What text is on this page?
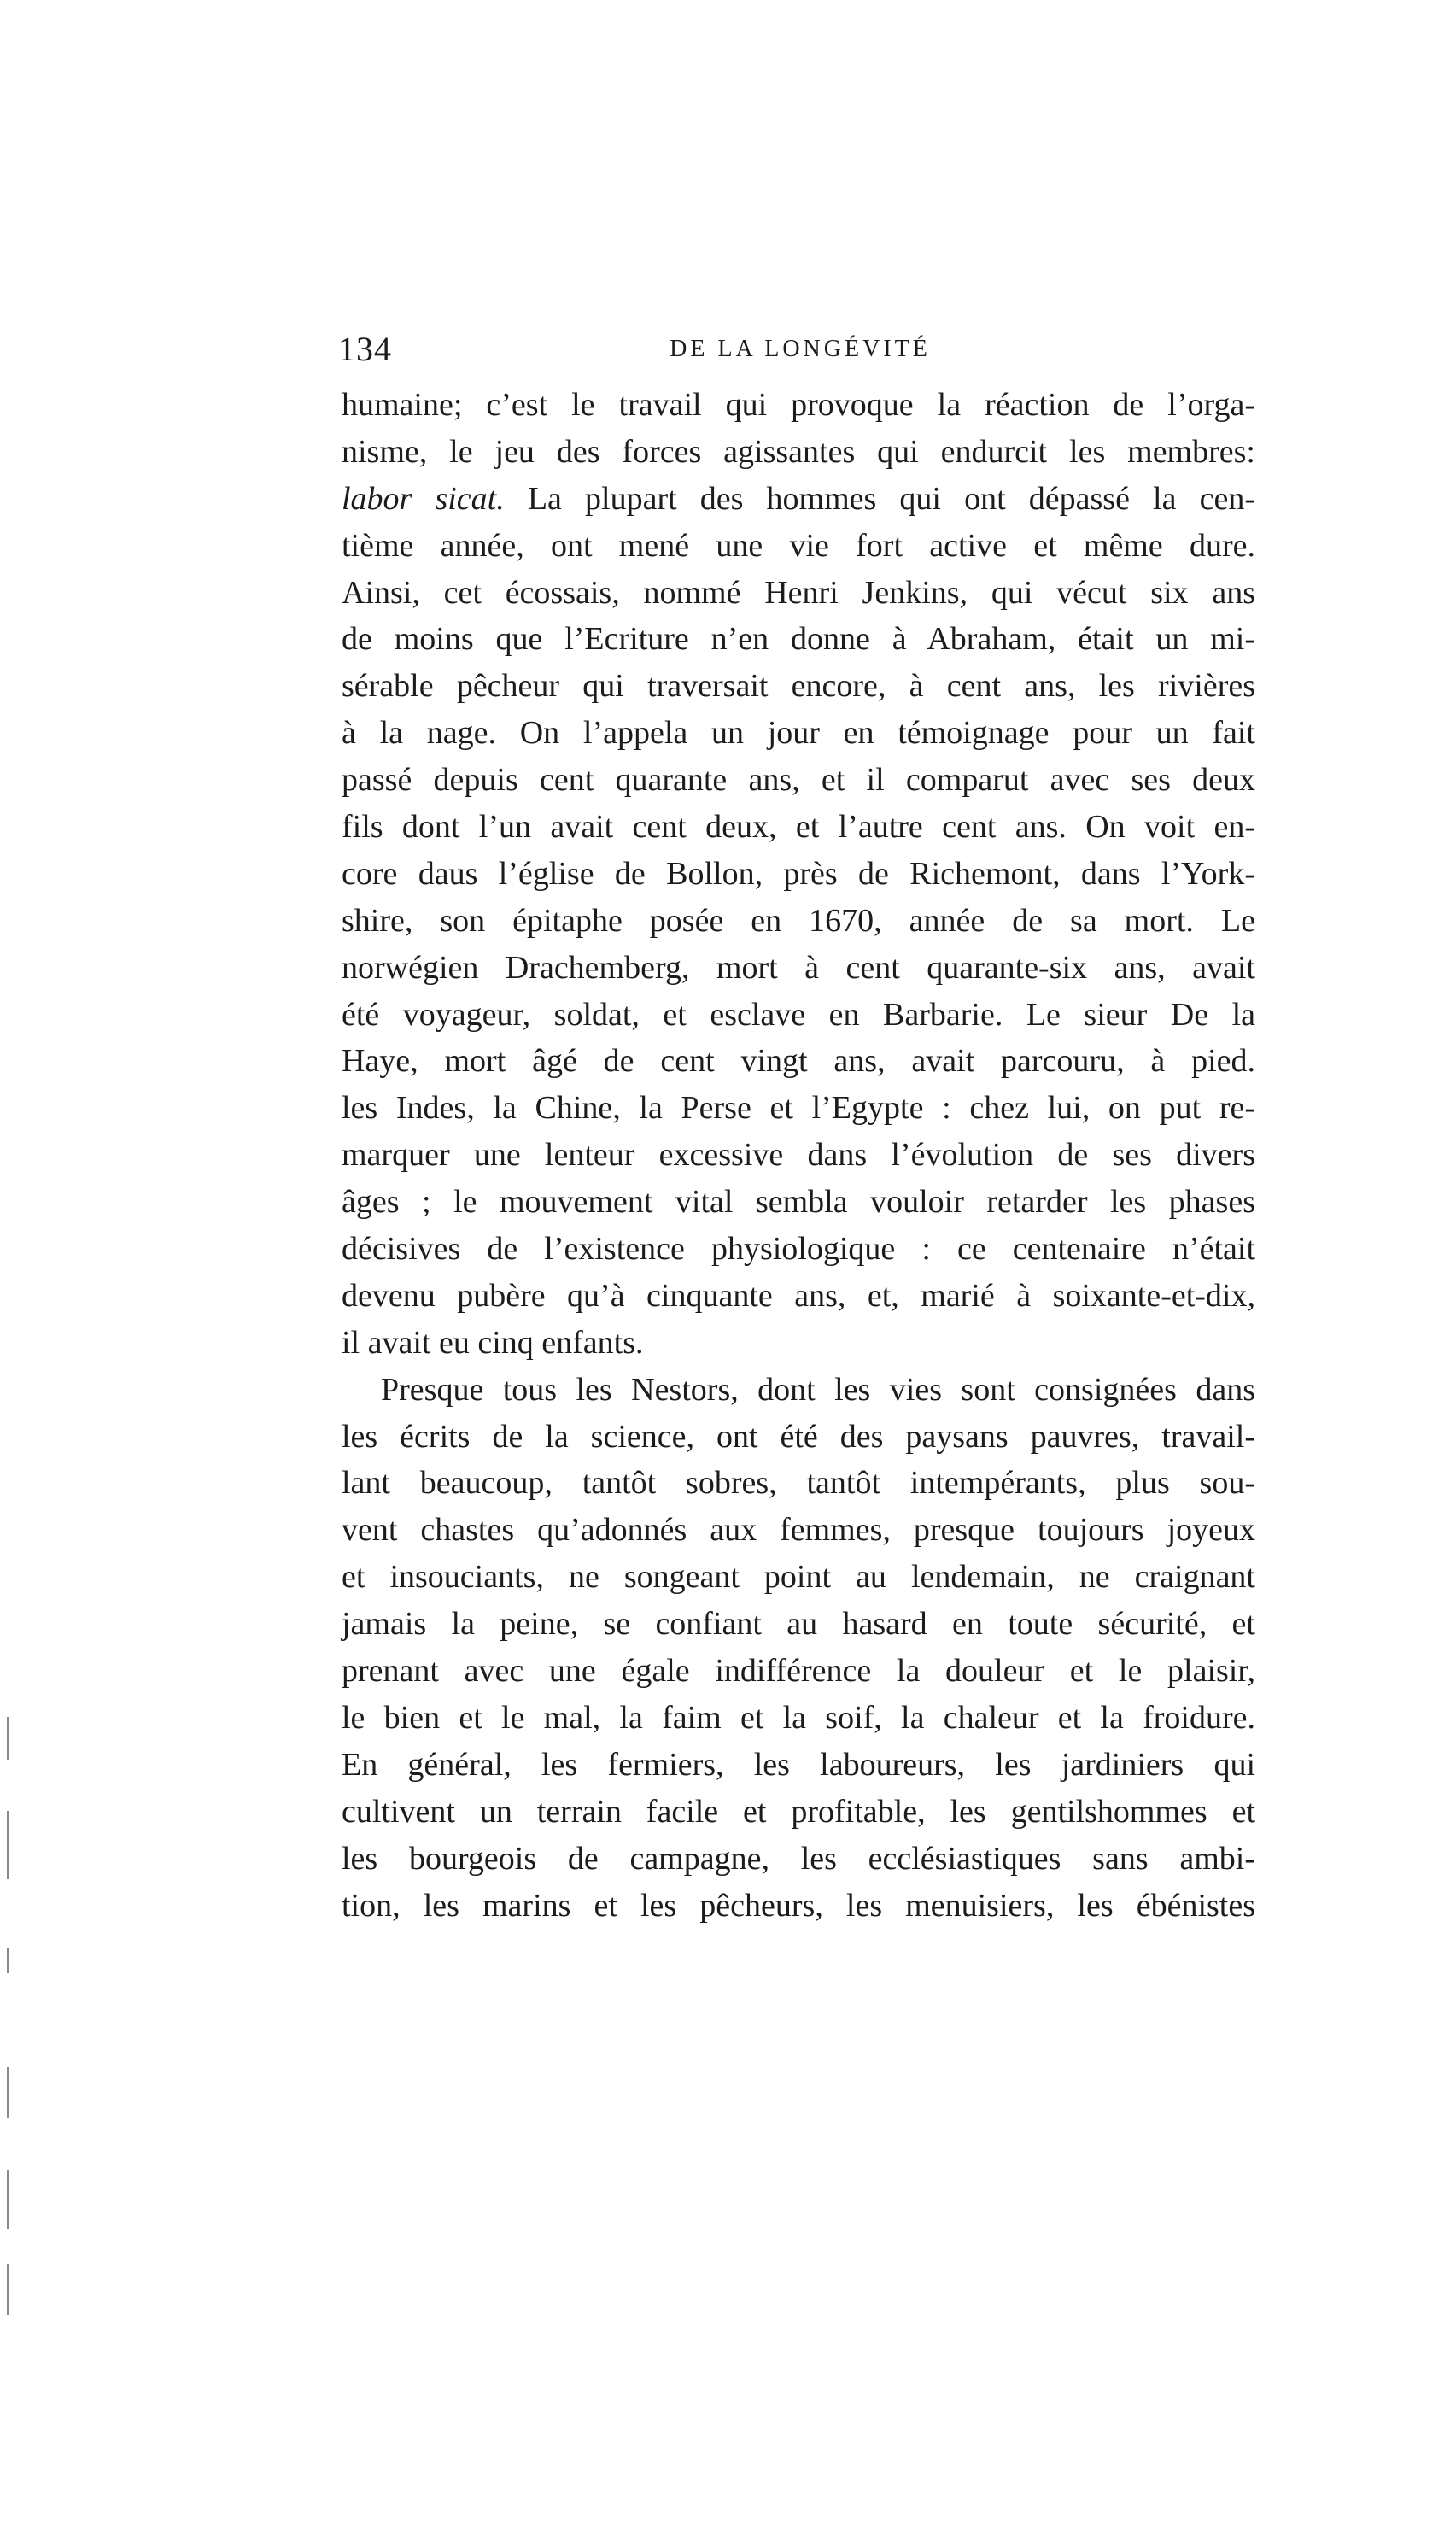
134	DE LA LONGÉVITÉ
humaine; c’est le travail qui provoque la réaction de l’orga-
nisme, le jeu des forces agissantes qui endurcit les membres:
labor sicat. La plupart des hommes qui ont dépassé la cen-
tième année, ont mené une vie fort active et même dure.
Ainsi, cet écossais, nommé Henri Jenkins, qui vécut six ans
de moins que l’Ecriture n’en donne à Abraham, était un mi-
sérable pêcheur qui traversait encore, à cent ans, les rivières
à la nage. On l’appela un jour en témoignage pour un fait
passé depuis cent quarante ans, et il comparut avec ses deux
fils dont l’un avait cent deux, et l’autre cent ans. On voit en-
core daus l’église de Bollon, près de Richemont, dans l’York-
shire, son épitaphe posée en 1670, année de sa mort. Le
norwégien Drachemberg, mort à cent quarante-six ans, avait
été voyageur, soldat, et esclave en Barbarie. Le sieur De la
Haye, mort âgé de cent vingt ans, avait parcouru, à pied.
les Indes, la Chine, la Perse et l’Egypte : chez lui, on put re-
marquer une lenteur excessive dans l’évolution de ses divers
âges ; le mouvement vital sembla vouloir retarder les phases
décisives de l’existence physiologique : ce centenaire n’était
devenu pubère qu’à cinquante ans, et, marié à soixante-et-dix,
il avait eu cinq enfants.
Presque tous les Nestors, dont les vies sont consignées dans
les écrits de la science, ont été des paysans pauvres, travail-
lant beaucoup, tantôt sobres, tantôt intempérants, plus sou-
vent chastes qu’adonnés aux femmes, presque toujours joyeux
et insouciants, ne songeant point au lendemain, ne craignant
jamais la peine, se confiant au hasard en toute sécurité, et
prenant avec une égale indifférence la douleur et le plaisir,
le bien et le mal, la faim et la soif, la chaleur et la froidure.
En général, les fermiers, les laboureurs, les jardiniers qui
cultivent un terrain facile et profitable, les gentilshommes et
les bourgeois de campagne, les ecclésiastiques sans ambi-
tion, les marins et les pêcheurs, les menuisiers, les ébénistes
